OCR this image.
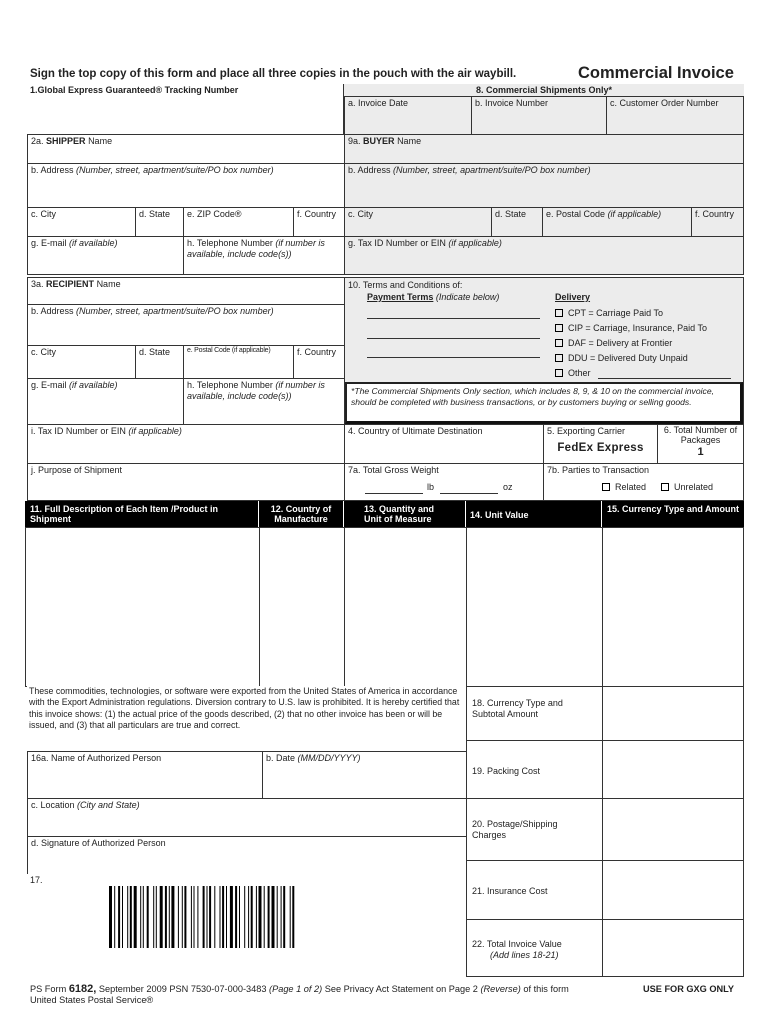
Sign the top copy of this form and place all three copies in the pouch with the air waybill.	Commercial Invoice
1.Global Express Guaranteed® Tracking Number	8. Commercial Shipments Only*
a. Invoice Date	b. Invoice Number	c. Customer Order Number
2a. SHIPPER Name
b. Address (Number, street, apartment/suite/PO box number)
c. City	d. State	e. ZIP Code®	f. Country
g. E-mail (if available)	h. Telephone Number (if number is available, include code(s))
9a. BUYER Name
b. Address (Number, street, apartment/suite/PO box number)
c. City	d. State	e. Postal Code (if applicable)	f. Country
g. Tax ID Number or EIN (if applicable)
3a. RECIPIENT Name
b. Address (Number, street, apartment/suite/PO box number)
c. City	d. State	e. Postal Code (if applicable)	f. Country
g. E-mail (if available)	h. Telephone Number (if number is available, include code(s))
i. Tax ID Number or EIN (if applicable)
j. Purpose of Shipment
10. Terms and Conditions of:
Payment Terms (Indicate below)	Delivery
CPT = Carriage Paid To
CIP = Carriage, Insurance, Paid To
DAF = Delivery at Frontier
DDU = Delivered Duty Unpaid
Other
*The Commercial Shipments Only section, which includes 8, 9, & 10 on the commercial invoice, should be completed with business transactions, or by customers buying or selling goods.
4. Country of Ultimate Destination	5. Exporting Carrier
FedEx Express
6. Total Number of Packages
1
7a. Total Gross Weight
lb	oz
7b. Parties to Transaction
Related	Unrelated
11. Full Description of Each Item /Product in Shipment
12. Country of Manufacture
13. Quantity and Unit of Measure	14. Unit Value
15. Currency Type and Amount
These commodities, technologies, or software were exported from the United States of America in accordance with the Export Administration regulations. Diversion contrary to U.S. law is prohibited. It is hereby certified that this invoice shows: (1) the actual price of the goods described, (2) that no other invoice has been or will be issued, and (3) that all particulars are true and correct.
16a. Name of Authorized Person	b. Date (MM/DD/YYYY)
c. Location (City and State)
d. Signature of Authorized Person
17.
18. Currency Type and Subtotal Amount
19. Packing Cost
20. Postage/Shipping Charges
21. Insurance Cost
22. Total Invoice Value
(Add lines 18-21)
PS Form 6182, September 2009 PSN 7530-07-000-3483 (Page 1 of 2) See Privacy Act Statement on Page 2 (Reverse) of this form	USE FOR GXG ONLY
United States Postal Service®
